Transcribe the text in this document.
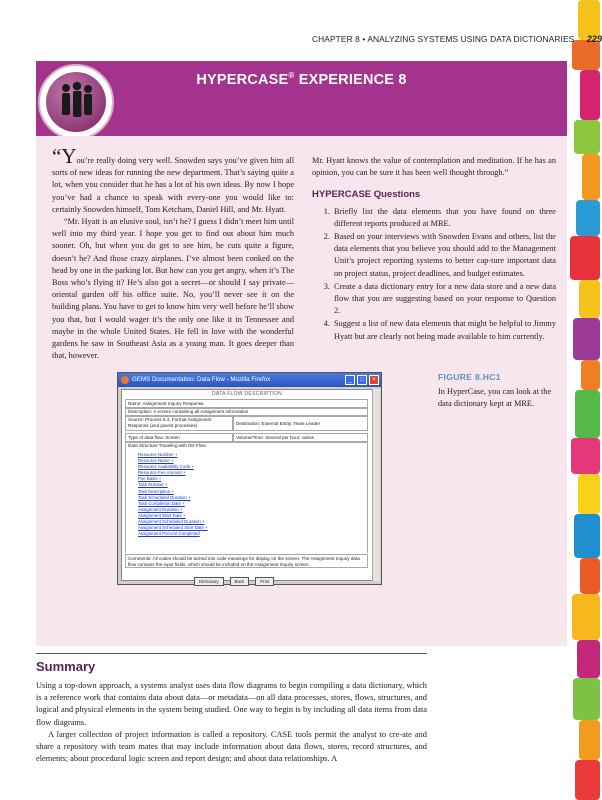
CHAPTER 8 • ANALYZING SYSTEMS USING DATA DICTIONARIES 229
HYPERCASE® EXPERIENCE 8

“You’re really doing very well. Snowden says you’ve given him all sorts of new ideas for running the new department. That’s saying quite a lot, when you consider that he has a lot of his own ideas. By now I hope you’ve had a chance to speak with every-one you would like to: certainly Snowden himself, Tom Ketcham, Daniel Hill, and Mr. Hyatt.

“Mr. Hyatt is an elusive soul, isn’t he? I guess I didn’t meet him until well into my third year. I hope you get to find out about him much sooner. Oh, but when you do get to see him, he cuts quite a figure, doesn’t he? And those crazy airplanes. I’ve almost been conked on the head by one in the parking lot. But how can you get angry, when it’s The Boss who’s flying it? He’s also got a secret—or should I say private—oriental garden off his office suite. No, you’ll never see it on the building plans. You have to get to know him very well before he’ll show you that, but I would wager it’s the only one like it in Tennessee and maybe in the whole United States. He fell in love with the wonderful gardens he saw in Southeast Asia as a young man. It goes deeper than that, however.

Mr. Hyatt knows the value of contemplation and meditation. If he has an opinion, you can be sure it has been well thought through.”

HYPERCASE Questions
1. Briefly list the data elements that you have found on three different reports produced at MRE.
2. Based on your interviews with Snowden Evans and others, list the data elements that you believe you should add to the Management Unit’s project reporting systems to better cap-ture important data on project status, project deadlines, and budget estimates.
3. Create a data dictionary entry for a new data store and a new data flow that you are suggesting based on your response to Question 2.
4. Suggest a list of new data elements that might be helpful to Jimmy Hyatt but are clearly not being made available to him currently.
GEMS Documentation: Data Flow - Mozilla Firefox	_	□	×
DATA FLOW DESCRIPTION
Name: Assignment Inquiry Response
Description: A screen containing all Assignment information
Source: Process 8.4, Format Assignment Response (and parent processes)	Destination: External Entity, Team Leader
Type of data flow: Screen	Volume/Time: Several per hour; varies
Data Structure Traveling with the Flow:
Resource Number +
Resource Name +
Resource Availability Code +
Resource Fee Amount +
Fee Basis +
Task Number +
Task Description +
Task Scheduled Duration +
Task Completion Date +
Assignment Duration +
Assignment Start Date +
Assignment Scheduled Duration +
Assignment Scheduled Start Date +
Assignment Percent Completed
Comments: All codes should be turned into code meanings for display on the screen. The Assignment Inquiry data flow contains the input fields, which should be included on the Assignment Inquiry screen.
Dictionary	Back	Print
FIGURE 8.HC1
In HyperCase, you can look at the data dictionary kept at MRE.
Summary

Using a top-down approach, a systems analyst uses data flow diagrams to begin compiling a data dictionary, which is a reference work that contains data about data—or metadata—on all data processes, stores, flows, structures, and logical and physical elements in the system being studied. One way to begin is by including all data items from data flow diagrams.

A larger collection of project information is called a repository. CASE tools permit the analyst to cre-ate and share a repository with team mates that may include information about data flows, stores, record structures, and elements; about procedural logic screen and report design; and about data relationships. A
